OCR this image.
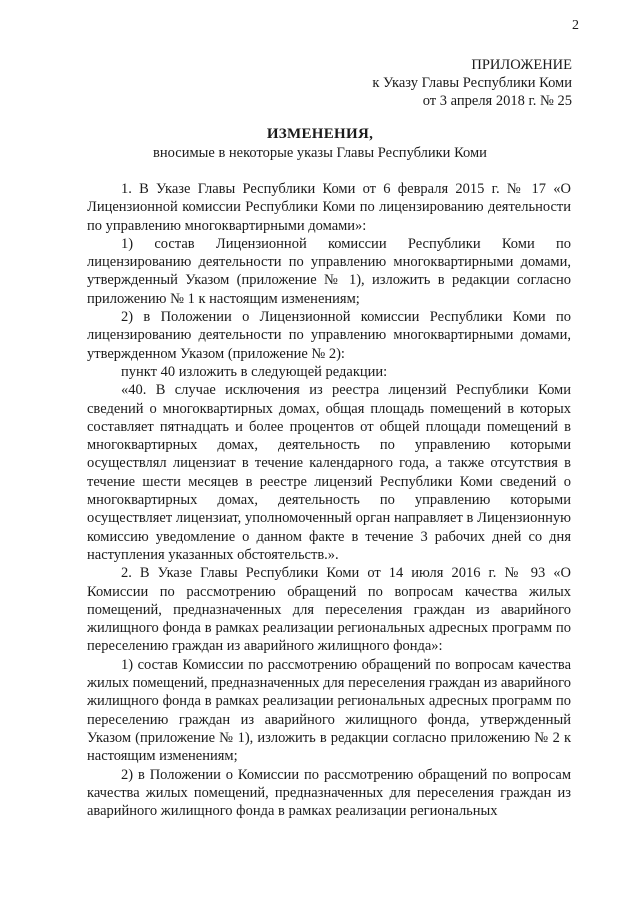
2
ПРИЛОЖЕНИЕ
к Указу Главы Республики Коми
от 3 апреля 2018 г. № 25
ИЗМЕНЕНИЯ,
вносимые в некоторые указы Главы Республики Коми

1. В Указе Главы Республики Коми от 6 февраля 2015 г. № 17 «О Лицензионной комиссии Республики Коми по лицензированию деятельности по управлению многоквартирными домами»:

1) состав Лицензионной комиссии Республики Коми по лицензированию деятельности по управлению многоквартирными домами, утвержденный Указом (приложение № 1), изложить в редакции согласно приложению № 1 к настоящим изменениям;

2) в Положении о Лицензионной комиссии Республики Коми по лицензированию деятельности по управлению многоквартирными домами, утвержденном Указом (приложение № 2):

пункт 40 изложить в следующей редакции:

«40. В случае исключения из реестра лицензий Республики Коми сведений о многоквартирных домах, общая площадь помещений в которых составляет пятнадцать и более процентов от общей площади помещений в многоквартирных домах, деятельность по управлению которыми осуществлял лицензиат в течение календарного года, а также отсутствия в течение шести месяцев в реестре лицензий Республики Коми сведений о многоквартирных домах, деятельность по управлению которыми осуществляет лицензиат, уполномоченный орган направляет в Лицензионную комиссию уведомление о данном факте в течение 3 рабочих дней со дня наступления указанных обстоятельств.».

2. В Указе Главы Республики Коми от 14 июля 2016 г. № 93 «О Комиссии по рассмотрению обращений по вопросам качества жилых помещений, предназначенных для переселения граждан из аварийного жилищного фонда в рамках реализации региональных адресных программ по переселению граждан из аварийного жилищного фонда»:

1) состав Комиссии по рассмотрению обращений по вопросам качества жилых помещений, предназначенных для переселения граждан из аварийного жилищного фонда в рамках реализации региональных адресных программ по переселению граждан из аварийного жилищного фонда, утвержденный Указом (приложение № 1), изложить в редакции согласно приложению № 2 к настоящим изменениям;

2) в Положении о Комиссии по рассмотрению обращений по вопросам качества жилых помещений, предназначенных для переселения граждан из аварийного жилищного фонда в рамках реализации региональных
